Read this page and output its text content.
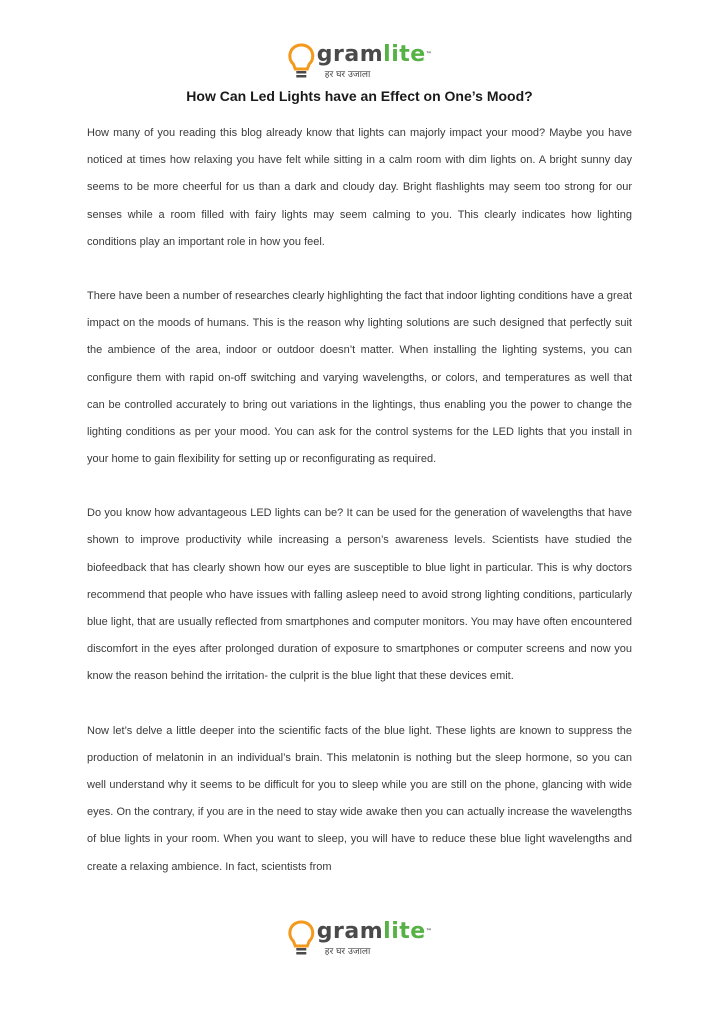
gramlite™
हर घर उजाला
How Can Led Lights have an Effect on One’s Mood?

How many of you reading this blog already know that lights can majorly impact your mood? Maybe you have noticed at times how relaxing you have felt while sitting in a calm room with dim lights on. A bright sunny day seems to be more cheerful for us than a dark and cloudy day. Bright flashlights may seem too strong for our senses while a room filled with fairy lights may seem calming to you. This clearly indicates how lighting conditions play an important role in how you feel.

There have been a number of researches clearly highlighting the fact that indoor lighting conditions have a great impact on the moods of humans. This is the reason why lighting solutions are such designed that perfectly suit the ambience of the area, indoor or outdoor doesn’t matter. When installing the lighting systems, you can configure them with rapid on-off switching and varying wavelengths, or colors, and temperatures as well that can be controlled accurately to bring out variations in the lightings, thus enabling you the power to change the lighting conditions as per your mood. You can ask for the control systems for the LED lights that you install in your home to gain flexibility for setting up or reconfigurating as required.

Do you know how advantageous LED lights can be? It can be used for the generation of wavelengths that have shown to improve productivity while increasing a person’s awareness levels. Scientists have studied the biofeedback that has clearly shown how our eyes are susceptible to blue light in particular. This is why doctors recommend that people who have issues with falling asleep need to avoid strong lighting conditions, particularly blue light, that are usually reflected from smartphones and computer monitors. You may have often encountered discomfort in the eyes after prolonged duration of exposure to smartphones or computer screens and now you know the reason behind the irritation- the culprit is the blue light that these devices emit.

Now let’s delve a little deeper into the scientific facts of the blue light. These lights are known to suppress the production of melatonin in an individual’s brain. This melatonin is nothing but the sleep hormone, so you can well understand why it seems to be difficult for you to sleep while you are still on the phone, glancing with wide eyes. On the contrary, if you are in the need to stay wide awake then you can actually increase the wavelengths of blue lights in your room. When you want to sleep, you will have to reduce these blue light wavelengths and create a relaxing ambience. In fact, scientists from

gramlite™
हर घर उजाला
